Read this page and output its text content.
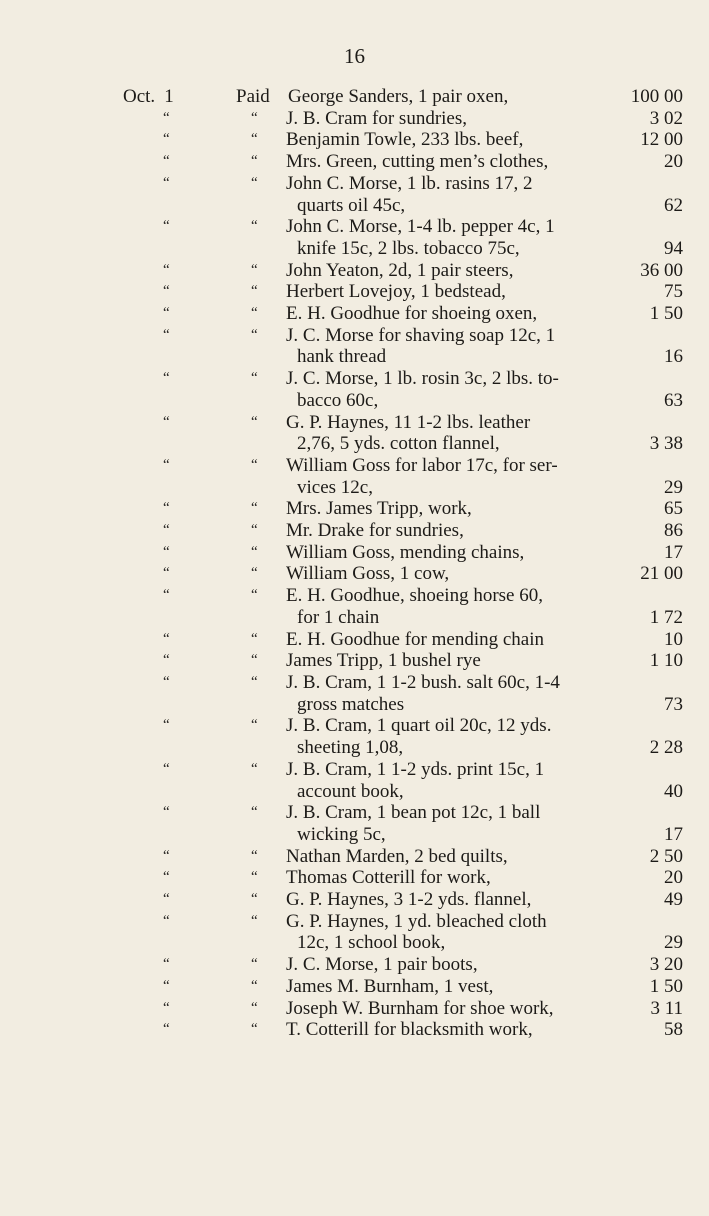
16
Oct. 1	Paid George Sanders, 1 pair oxen,	100 00
“	“ J. B. Cram for sundries,	3 02
“	“ Benjamin Towle, 233 lbs. beef,	12 00
“	“ Mrs. Green, cutting men’s clothes,	20
“	“ John C. Morse, 1 lb. rasins 17, 2
quarts oil 45c,	62
“	“ John C. Morse, 1-4 lb. pepper 4c, 1
knife 15c, 2 lbs. tobacco 75c,	94
“	“ John Yeaton, 2d, 1 pair steers,	36 00
“	“ Herbert Lovejoy, 1 bedstead,	75
“	“ E. H. Goodhue for shoeing oxen,	1 50
“	“ J. C. Morse for shaving soap 12c, 1
hank thread	16
“	“ J. C. Morse, 1 lb. rosin 3c, 2 lbs. to-
bacco 60c,	63
“	“ G. P. Haynes, 11 1-2 lbs. leather
2,76, 5 yds. cotton flannel,	3 38
“	“ William Goss for labor 17c, for ser-
vices 12c,	29
“	“ Mrs. James Tripp, work,	65
“	“ Mr. Drake for sundries,	86
“	“ William Goss, mending chains,	17
“	“ William Goss, 1 cow,	21 00
“	“ E. H. Goodhue, shoeing horse 60,
for 1 chain	1 72
“	“ E. H. Goodhue for mending chain	10
“	“ James Tripp, 1 bushel rye	1 10
“	“ J. B. Cram, 1 1-2 bush. salt 60c, 1-4
gross matches	73
“	“ J. B. Cram, 1 quart oil 20c, 12 yds.
sheeting 1,08,	2 28
“	“ J. B. Cram, 1 1-2 yds. print 15c, 1
account book,	40
“	“ J. B. Cram, 1 bean pot 12c, 1 ball
wicking 5c,	17
“	“ Nathan Marden, 2 bed quilts,	2 50
“	“ Thomas Cotterill for work,	20
“	“ G. P. Haynes, 3 1-2 yds. flannel,	49
“	“ G. P. Haynes, 1 yd. bleached cloth
12c, 1 school book,	29
“	“ J. C. Morse, 1 pair boots,	3 20
“	“ James M. Burnham, 1 vest,	1 50
“	“ Joseph W. Burnham for shoe work,	3 11
“	“ T. Cotterill for blacksmith work,	58
